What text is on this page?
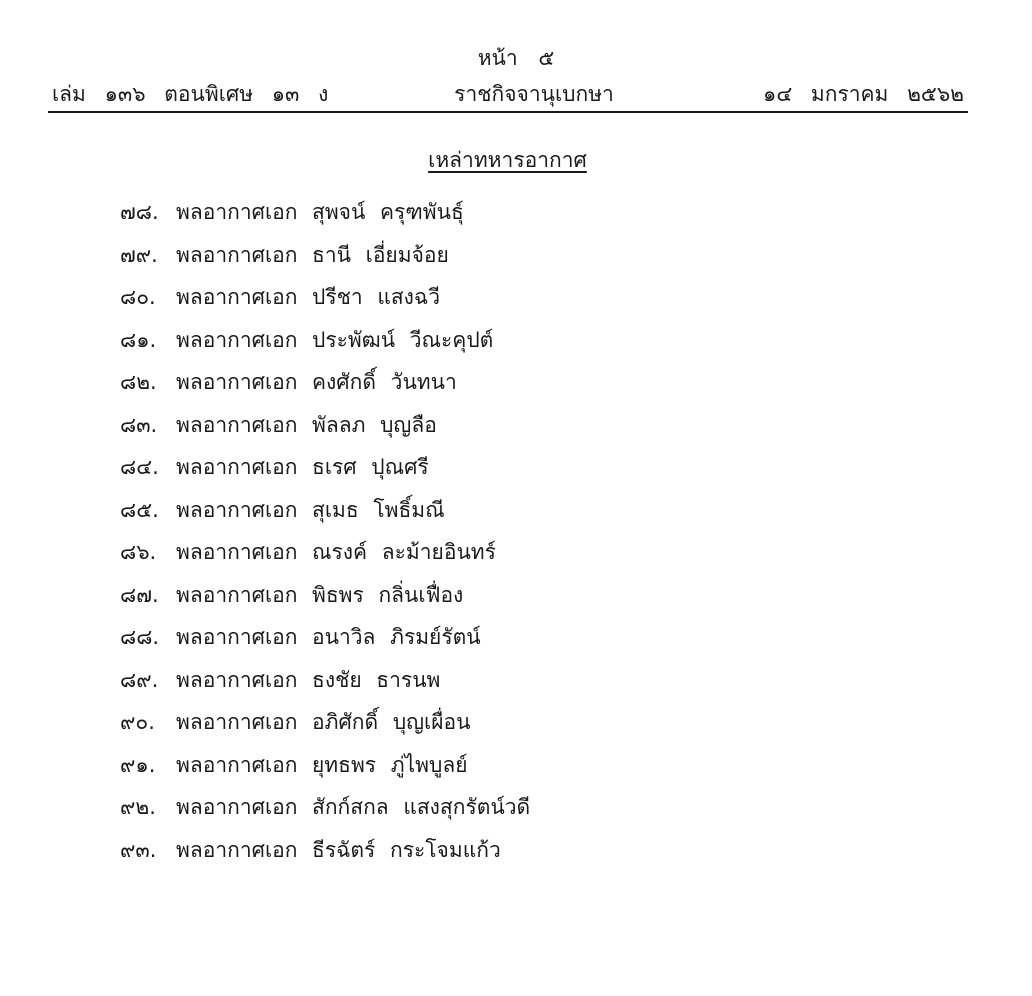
หน้า ๕
เล่ม ๑๓๖ ตอนพิเศษ ๑๓ ง	ราชกิจจานุเบกษา	๑๔ มกราคม ๒๕๖๒
เหล่าทหารอากาศ
๗๘. พลอากาศเอก สุพจน์ ครุฑพันธุ์
๗๙. พลอากาศเอก ธานี เอี่ยมจ้อย
๘๐. พลอากาศเอก ปรีชา แสงฉวี
๘๑. พลอากาศเอก ประพัฒน์ วีณะคุปต์
๘๒. พลอากาศเอก คงศักดิ์ วันทนา
๘๓. พลอากาศเอก พัลลภ บุญลือ
๘๔. พลอากาศเอก ธเรศ ปุณศรี
๘๕. พลอากาศเอก สุเมธ โพธิ์มณี
๘๖. พลอากาศเอก ณรงค์ ละม้ายอินทร์
๘๗. พลอากาศเอก พิธพร กลิ่นเฟื่อง
๘๘. พลอากาศเอก อนาวิล ภิรมย์รัตน์
๘๙. พลอากาศเอก ธงชัย ธารนพ
๙๐. พลอากาศเอก อภิศักดิ์ บุญเผื่อน
๙๑. พลอากาศเอก ยุทธพร ภู่ไพบูลย์
๙๒. พลอากาศเอก สักก์สกล แสงสุกรัตน์วดี
๙๓. พลอากาศเอก ธีรฉัตร์ กระโจมแก้ว
